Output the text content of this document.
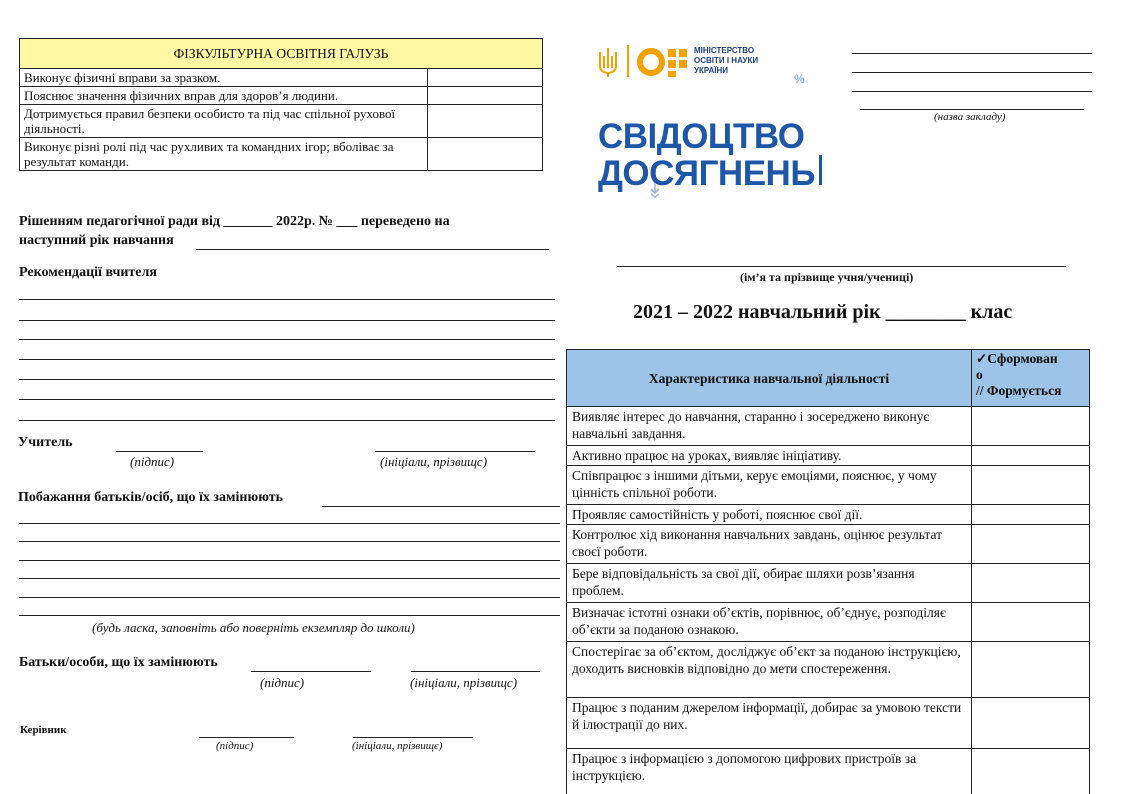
ФІЗКУЛЬТУРНА ОСВІТНЯ ГАЛУЗЬ	
Виконує фізичні вправи за зразком.	
Пояснює значення фізичних вправ для здоров’я людини.	
Дотримується правил безпеки особисто та під час спільної рухової діяльності.	
Виконує різні ролі під час рухливих та командних ігор; вболіває за результат команди.	
Рішенням педагогічної ради від _______ 2022р. № ___ переведено на
наступний рік навчання
Рекомендації вчителя
Учитель
(підпис)	(ініціали, прізвищс)
Побажання батьків/осіб, що їх замінюють
(будь ласка, заповніть або поверніть екземпляр до школи)
Батьки/особи, що їх замінюють
(підпис)	(ініціали, прізвищс)
Керівник
(підпис)	(ініціали, прізвищє)
МІНІСТЕРСТВО
ОСВІТИ І НАУКИ
УКРАЇНИ
%
СВІДОЦТВО
ДОСЯГНЕНЬ
(назва закладу)
(ім’я та прізвище учня/учениці)
2021 – 2022 навчальний рік ________ клас
Характеристика навчальної діяльності	✓Сформован
о
// Формується

Виявляє інтерес до навчання, старанно і зосереджено виконує навчальні завдання.	
Активно працює на уроках, виявляє ініціативу.	
Співпрацює з іншими дітьми, керує емоціями, пояснює, у чому цінність спільної роботи.	
Проявляє самостійність у роботі, пояснює свої дії.	
Контролює хід виконання навчальних завдань, оцінює результат своєї роботи.	
Бере відповідальність за свої дії, обирає шляхи розв’язання проблем.	
Визначає істотні ознаки об’єктів, порівнює, об’єднує, розподіляє об’єкти за поданою ознакою.	
Спостерігає за об’єктом, досліджує об’єкт за поданою інструкцією, доходить висновків відповідно до мети спостереження.	
Працює з поданим джерелом інформації, добирає за умовою тексти й ілюстрації до них.	
Працює з інформацією з допомогою цифрових пристроїв за інструкцією.	
